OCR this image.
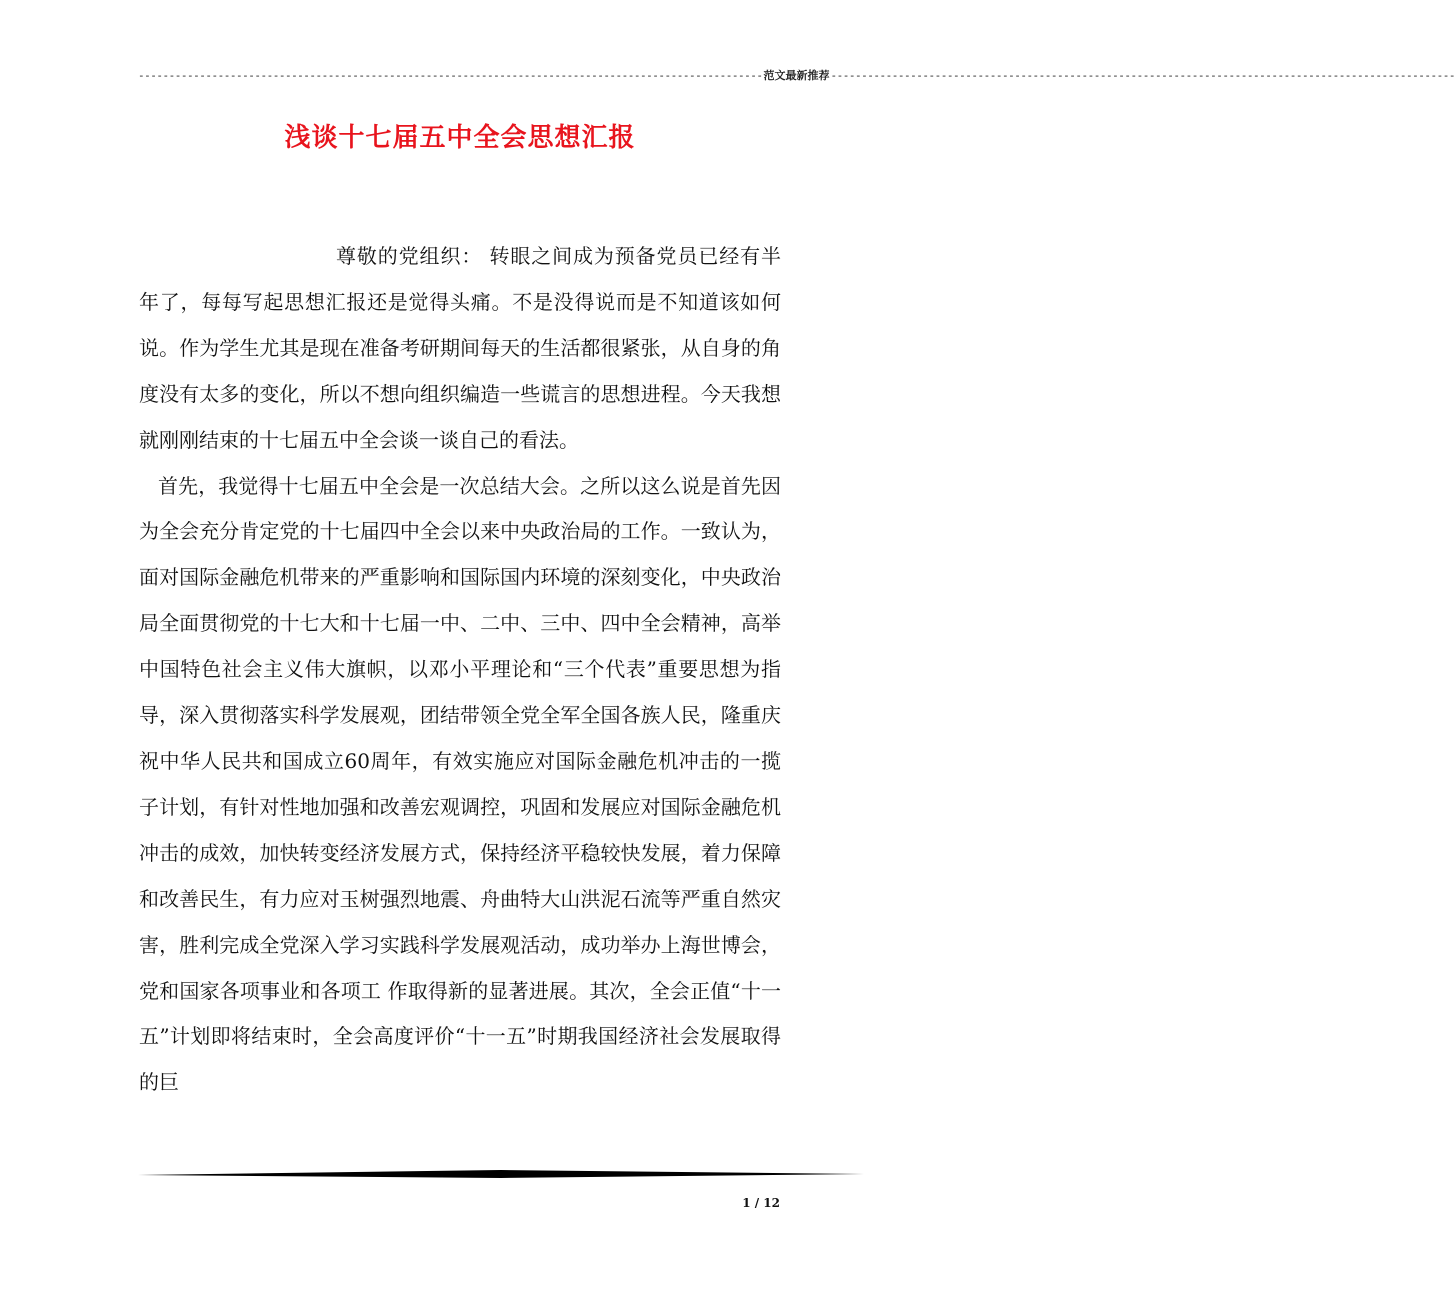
------------------------------------------------------------------------------------------------------ 范文最新推荐 ------------------------------------------------------------------------------------------------------
浅谈十七届五中全会思想汇报

尊敬的党组织： 转眼之间成为预备党员已经有半年了，每每写起思想汇报还是觉得头痛。不是没得说而是不知道该如何说。作为学生尤其是现在准备考研期间每天的生活都很紧张，从自身的角度没有太多的变化，所以不想向组织编造一些谎言的思想进程。今天我想就刚刚结束的十七届五中全会谈一谈自己的看法。

首先，我觉得十七届五中全会是一次总结大会。之所以这么说是首先因为全会充分肯定党的十七届四中全会以来中央政治局的工作。一致认为，面对国际金融危机带来的严重影响和国际国内环境的深刻变化，中央政治局全面贯彻党的十七大和十七届一中、二中、三中、四中全会精神，高举中国特色社会主义伟大旗帜，以邓小平理论和“三个代表”重要思想为指导，深入贯彻落实科学发展观，团结带领全党全军全国各族人民，隆重庆祝中华人民共和国成立60周年，有效实施应对国际金融危机冲击的一揽子计划，有针对性地加强和改善宏观调控，巩固和发展应对国际金融危机冲击的成效，加快转变经济发展方式，保持经济平稳较快发展，着力保障和改善民生，有力应对玉树强烈地震、舟曲特大山洪泥石流等严重自然灾害，胜利完成全党深入学习实践科学发展观活动，成功举办上海世博会，党和国家各项事业和各项工 作取得新的显著进展。其次，全会正值“十一五”计划即将结束时，全会高度评价“十一五”时期我国经济社会发展取得的巨

1 / 12
